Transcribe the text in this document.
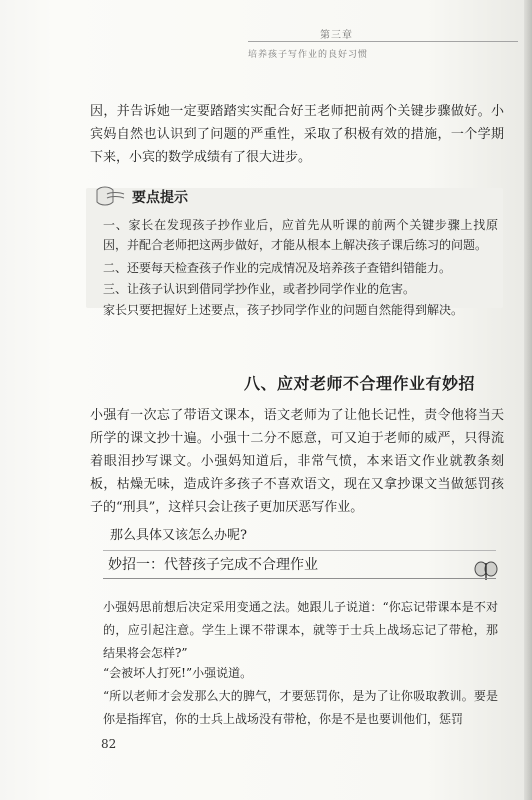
第三章
培养孩子写作业的良好习惯

因，并告诉她一定要踏踏实实配合好王老师把前两个关键步骤做好。小宾妈自然也认识到了问题的严重性，采取了积极有效的措施，一个学期下来，小宾的数学成绩有了很大进步。

要点提示

一、家长在发现孩子抄作业后，应首先从听课的前两个关键步骤上找原因，并配合老师把这两步做好，才能从根本上解决孩子课后练习的问题。

二、还要每天检查孩子作业的完成情况及培养孩子查错纠错能力。

三、让孩子认识到借同学抄作业，或者抄同学作业的危害。

家长只要把握好上述要点，孩子抄同学作业的问题自然能得到解决。

八、应对老师不合理作业有妙招

小强有一次忘了带语文课本，语文老师为了让他长记性，责令他将当天所学的课文抄十遍。小强十二分不愿意，可又迫于老师的威严，只得流着眼泪抄写课文。小强妈知道后，非常气愤，本来语文作业就教条刻板，枯燥无味，造成许多孩子不喜欢语文，现在又拿抄课文当做惩罚孩子的“刑具”，这样只会让孩子更加厌恶写作业。

那么具体又该怎么办呢?

妙招一：代替孩子完成不合理作业

小强妈思前想后决定采用变通之法。她跟儿子说道：“你忘记带课本是不对的，应引起注意。学生上课不带课本，就等于士兵上战场忘记了带枪，那结果将会怎样?”

“会被坏人打死!”小强说道。

“所以老师才会发那么大的脾气，才要惩罚你，是为了让你吸取教训。要是你是指挥官，你的士兵上战场没有带枪，你是不是也要训他们，惩罚

82
